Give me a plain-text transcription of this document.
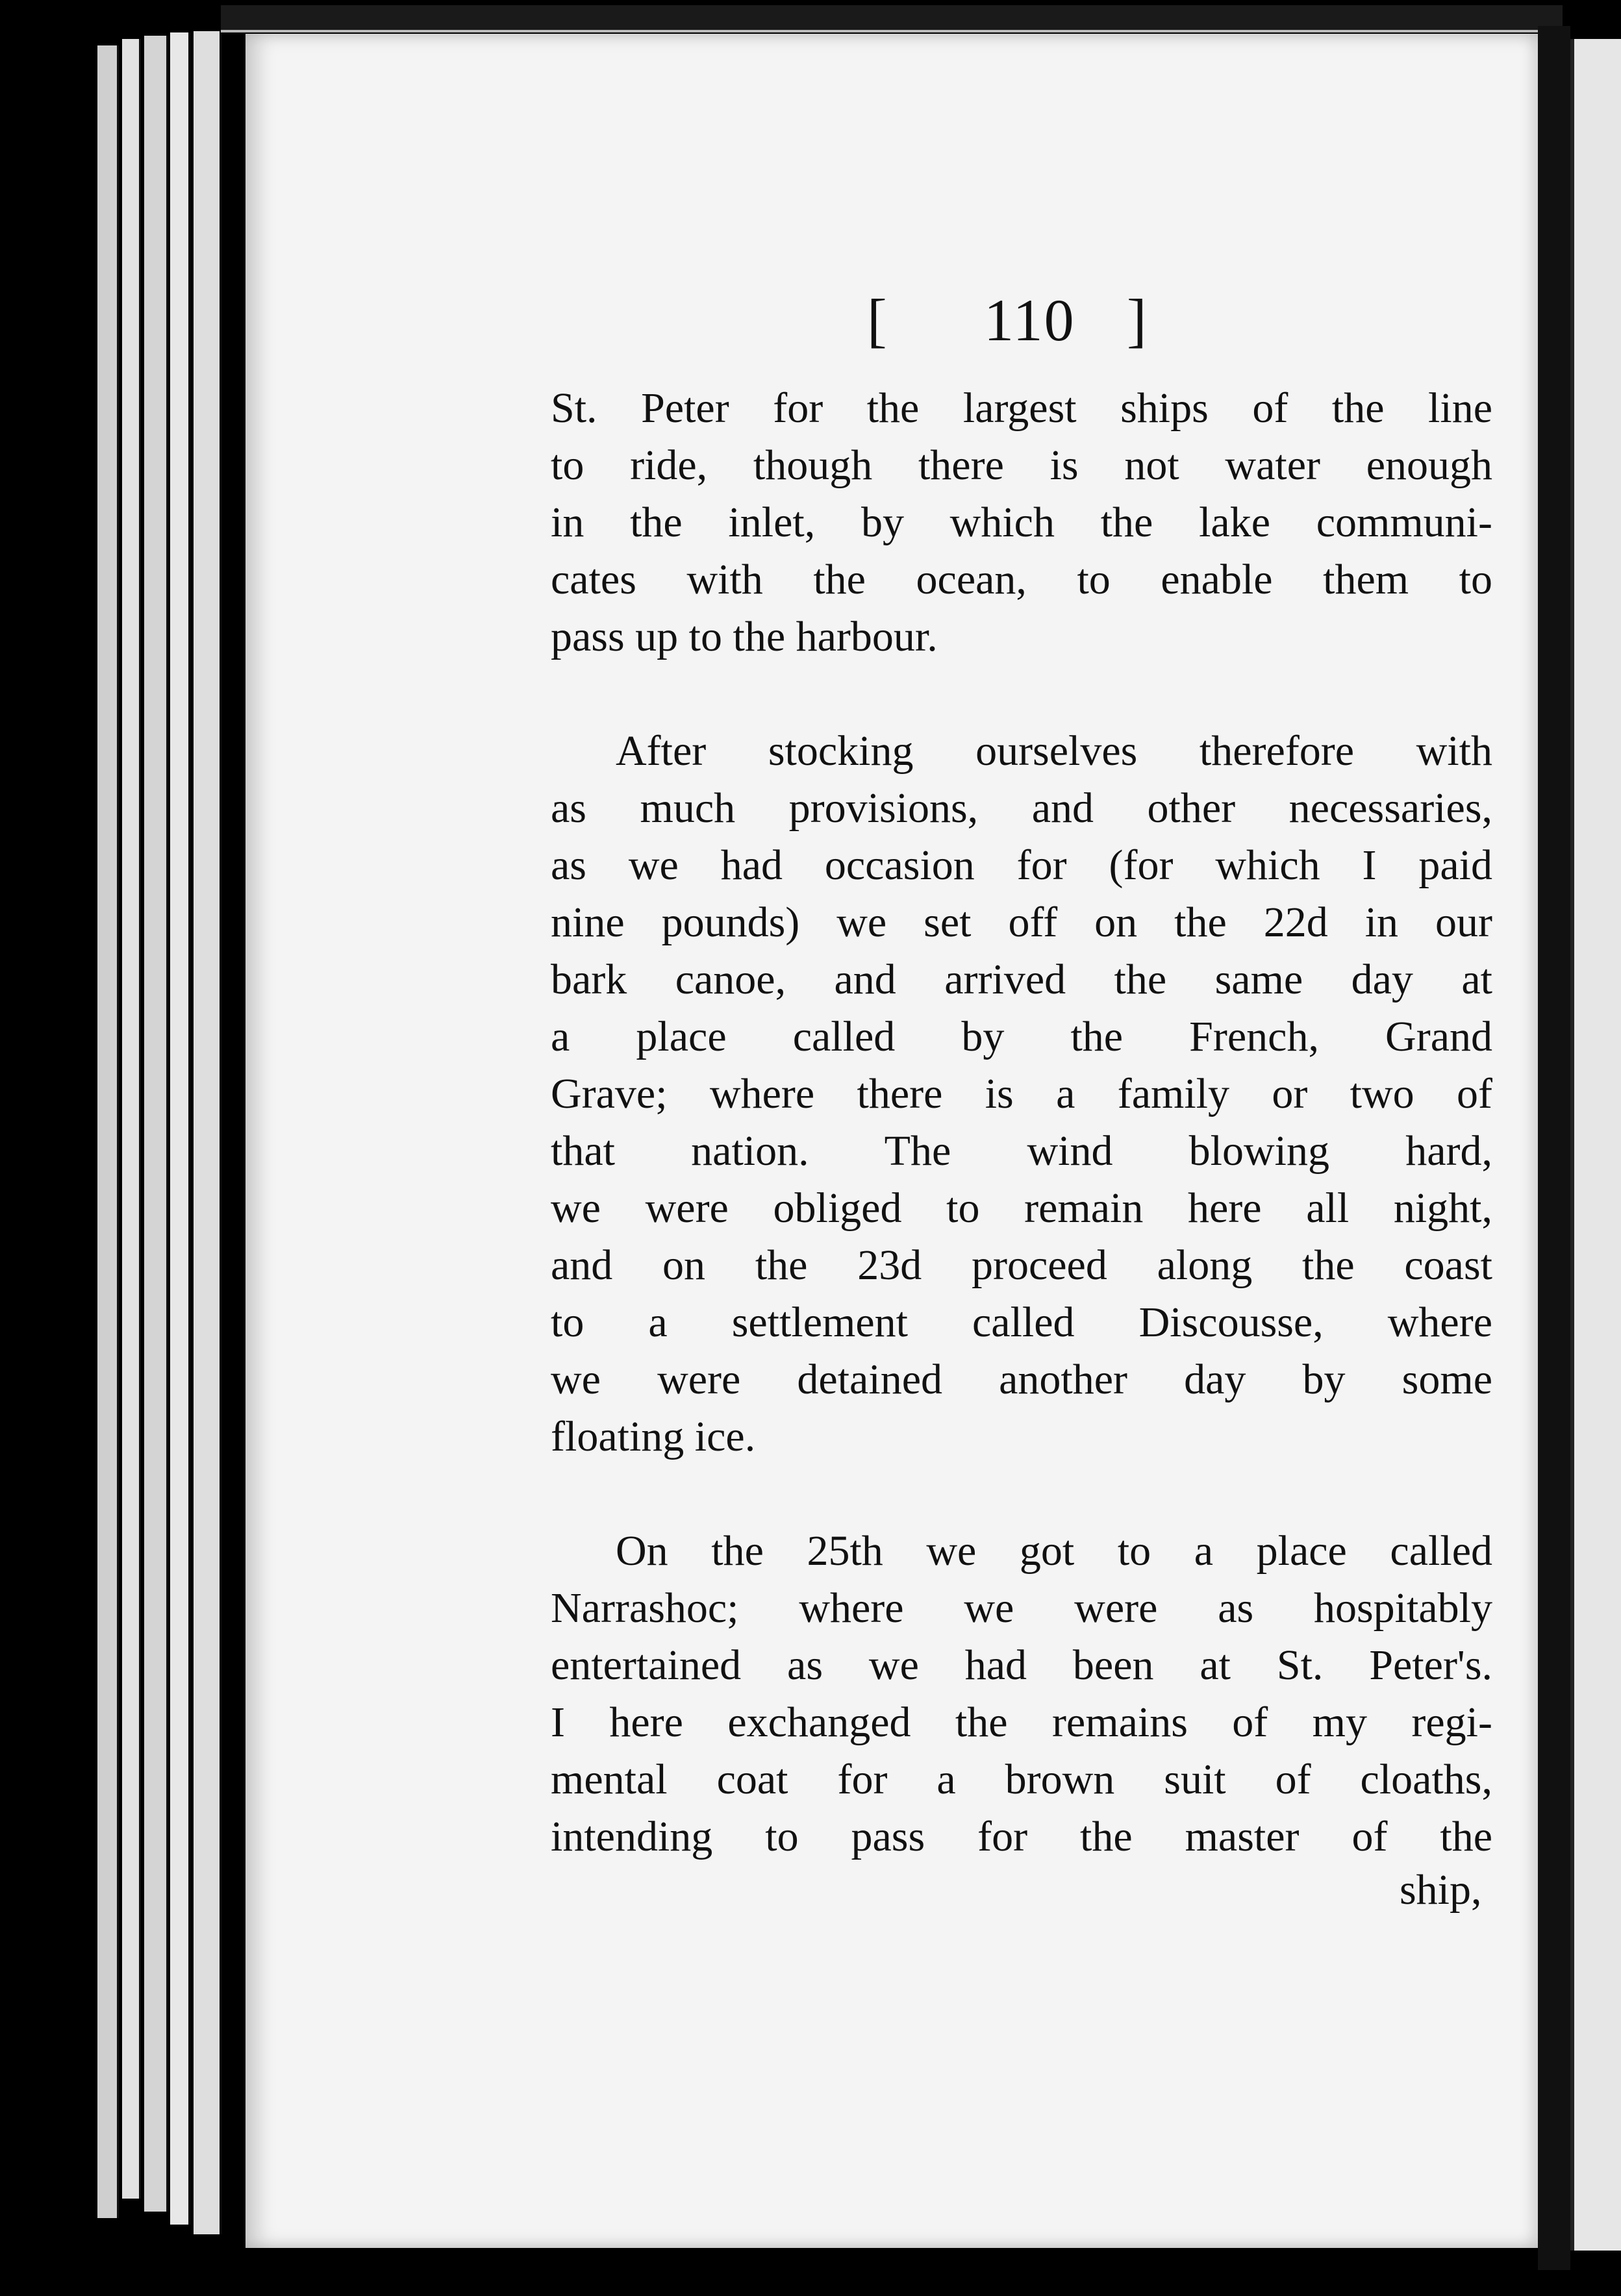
[ 110 ]
St. Peter for the largest ships of the line
to ride, though there is not water enough
in the inlet, by which the lake communi-
cates with the ocean, to enable them to
pass up to the harbour.
After stocking ourselves therefore with
as much provisions, and other necessaries,
as we had occasion for (for which I paid
nine pounds) we set off on the 22d in our
bark canoe, and arrived the same day at
a place called by the French, Grand
Grave; where there is a family or two of
that nation. The wind blowing hard,
we were obliged to remain here all night,
and on the 23d proceed along the coast
to a settlement called Discousse, where
we were detained another day by some
floating ice.
On the 25th we got to a place called
Narrashoc; where we were as hospitably
entertained as we had been at St. Peter's.
I here exchanged the remains of my regi-
mental coat for a brown suit of cloaths,
intending to pass for the master of the
ship,
